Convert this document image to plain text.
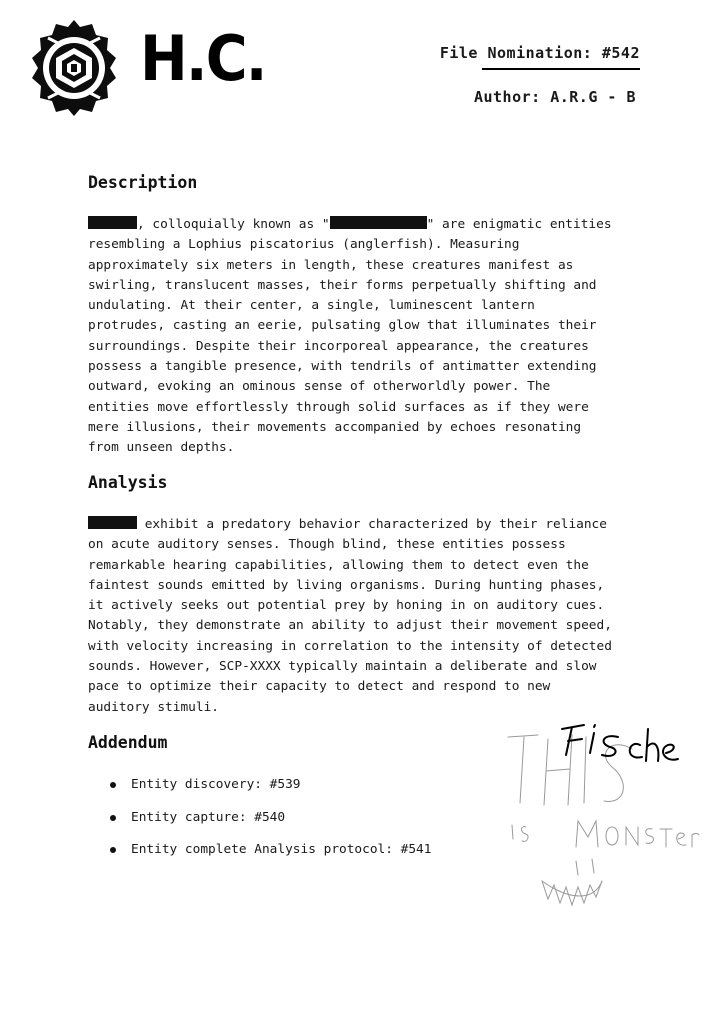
H.C.	File Nomination: #542
Author: A.R.G - B
Description
, colloquially known as "	" are enigmatic entities
resembling a Lophius piscatorius (anglerfish). Measuring
approximately six meters in length, these creatures manifest as
swirling, translucent masses, their forms perpetually shifting and
undulating. At their center, a single, luminescent lantern
protrudes, casting an eerie, pulsating glow that illuminates their
surroundings. Despite their incorporeal appearance, the creatures
possess a tangible presence, with tendrils of antimatter extending
outward, evoking an ominous sense of otherworldly power. The
entities move effortlessly through solid surfaces as if they were
mere illusions, their movements accompanied by echoes resonating
from unseen depths.
Analysis
exhibit a predatory behavior characterized by their reliance
on acute auditory senses. Though blind, these entities possess
remarkable hearing capabilities, allowing them to detect even the
faintest sounds emitted by living organisms. During hunting phases,
it actively seeks out potential prey by honing in on auditory cues.
Notably, they demonstrate an ability to adjust their movement speed,
with velocity increasing in correlation to the intensity of detected
sounds. However, SCP-XXXX typically maintain a deliberate and slow
pace to optimize their capacity to detect and respond to new
auditory stimuli.
Addendum
Entity discovery: #539
Entity capture: #540
Entity complete Analysis protocol: #541
